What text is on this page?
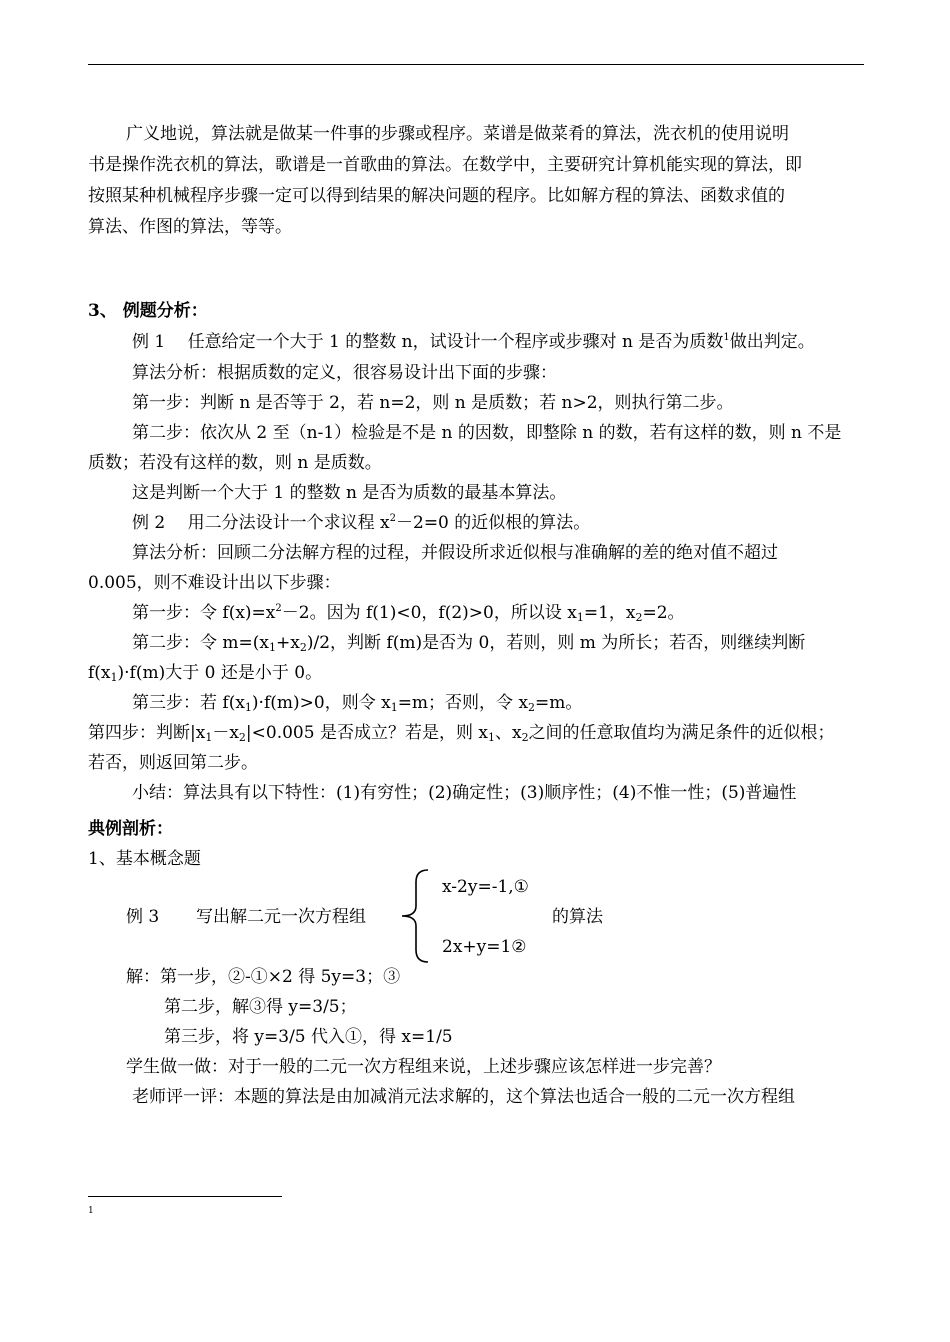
广义地说，算法就是做某一件事的步骤或程序。菜谱是做菜肴的算法，洗衣机的使用说明
书是操作洗衣机的算法，歌谱是一首歌曲的算法。在数学中，主要研究计算机能实现的算法，即
按照某种机械程序步骤一定可以得到结果的解决问题的程序。比如解方程的算法、函数求值的
算法、作图的算法，等等。
3、 例题分析：
例 1　 任意给定一个大于 1 的整数 n，试设计一个程序或步骤对 n 是否为质数$^1$做出判定。
算法分析：根据质数的定义，很容易设计出下面的步骤：
第一步：判断 n 是否等于 2，若 n=2，则 n 是质数；若 n>2，则执行第二步。
第二步：依次从 2 至（n-1）检验是不是 n 的因数，即整除 n 的数，若有这样的数，则 n 不是
质数；若没有这样的数，则 n 是质数。
这是判断一个大于 1 的整数 n 是否为质数的最基本算法。
例 2　 用二分法设计一个求议程 $x^2-2=0$ 的近似根的算法。
算法分析：回顾二分法解方程的过程，并假设所求近似根与准确解的差的绝对值不超过
0.005，则不难设计出以下步骤：
第一步：令 $f(x)=x^2-2$。因为 f(1)<0，f(2)>0，所以设 $x_1=1$，$x_2=2$。
第二步：令 $m=(x_1+x_2)/2$，判断 f(m)是否为 0，若则，则 m 为所长；若否，则继续判断
$f(x_1)\cdot f(m)$大于 0 还是小于 0。
第三步：若 $f(x_1)\cdot f(m)>0$，则令 $x_1=m$；否则，令 $x_2=m$。
第四步：判断$|x_1-x_2|<0.005$ 是否成立？若是，则 $x_1$、$x_2$之间的任意取值均为满足条件的近似根；
若否，则返回第二步。
小结：算法具有以下特性：(1)有穷性；(2)确定性；(3)顺序性；(4)不惟一性；(5)普遍性
典例剖析：
1、基本概念题
例 3 写出解二元一次方程组
x-2y=-1,①
2x+y=1②
的算法
解：第一步，②-①×2 得 5y=3；③
第二步，解③得 y=3/5；
第三步，将 y=3/5 代入①，得 x=1/5
学生做一做：对于一般的二元一次方程组来说，上述步骤应该怎样进一步完善？
老师评一评：本题的算法是由加减消元法求解的，这个算法也适合一般的二元一次方程组
1
